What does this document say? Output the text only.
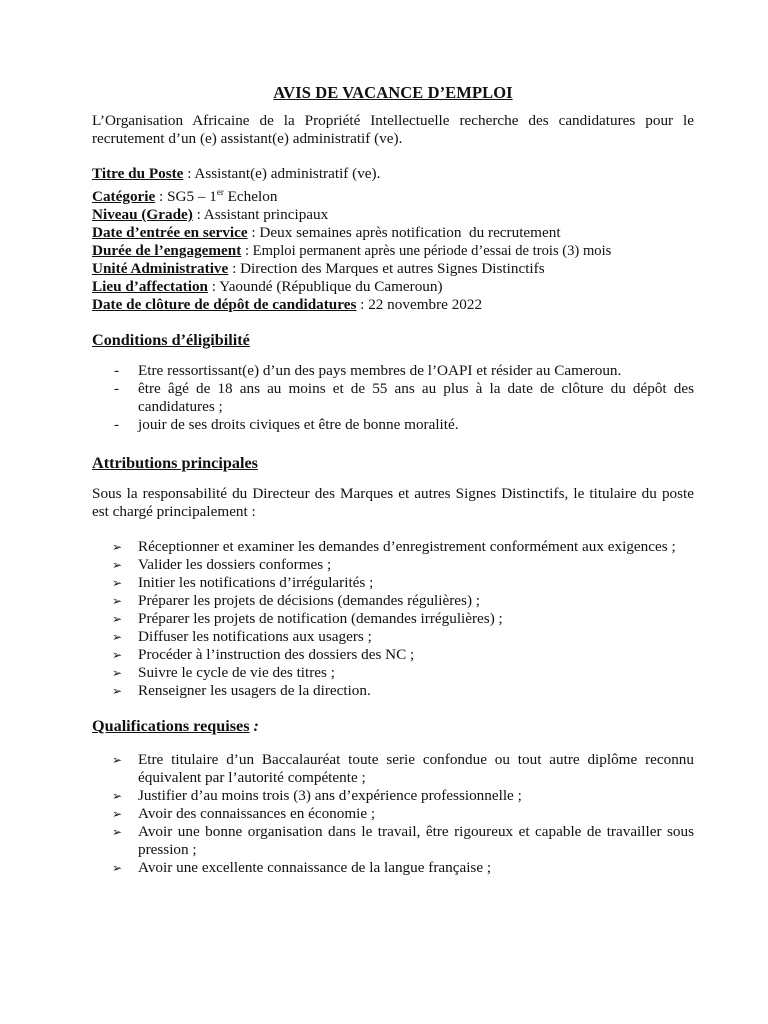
AVIS DE VACANCE D’EMPLOI

L’Organisation Africaine de la Propriété Intellectuelle recherche des candidatures pour le recrutement d’un (e) assistant(e) administratif (ve).

Titre du Poste : Assistant(e) administratif (ve).
Catégorie : SG5 – 1er Echelon
Niveau (Grade) : Assistant principaux
Date d’entrée en service : Deux semaines après notification  du recrutement
Durée de l’engagement : Emploi permanent après une période d’essai de trois (3) mois
Unité Administrative : Direction des Marques et autres Signes Distinctifs
Lieu d’affectation : Yaoundé (République du Cameroun)
Date de clôture de dépôt de candidatures : 22 novembre 2022
Conditions d’éligibilité
- Etre ressortissant(e) d’un des pays membres de l’OAPI et résider au Cameroun.
- être âgé de 18 ans au moins et de 55 ans au plus à la date de clôture du dépôt des candidatures ;
- jouir de ses droits civiques et être de bonne moralité.
Attributions principales

Sous la responsabilité du Directeur des Marques et autres Signes Distinctifs, le titulaire du poste est chargé principalement :

➢ Réceptionner et examiner les demandes d’enregistrement conformément aux exigences ;
➢ Valider les dossiers conformes ;
➢ Initier les notifications d’irrégularités ;
➢ Préparer les projets de décisions (demandes régulières) ;
➢ Préparer les projets de notification (demandes irrégulières) ;
➢ Diffuser les notifications aux usagers ;
➢ Procéder à l’instruction des dossiers des NC ;
➢ Suivre le cycle de vie des titres ;
➢ Renseigner les usagers de la direction.
Qualifications requises :
➢ Etre titulaire d’un Baccalauréat toute serie confondue ou tout autre diplôme reconnu équivalent par l’autorité compétente ;
➢ Justifier d’au moins trois (3) ans d’expérience professionnelle ;
➢ Avoir des connaissances en économie ;
➢ Avoir une bonne organisation dans le travail, être rigoureux et capable de travailler sous pression ;
➢ Avoir une excellente connaissance de la langue française ;
